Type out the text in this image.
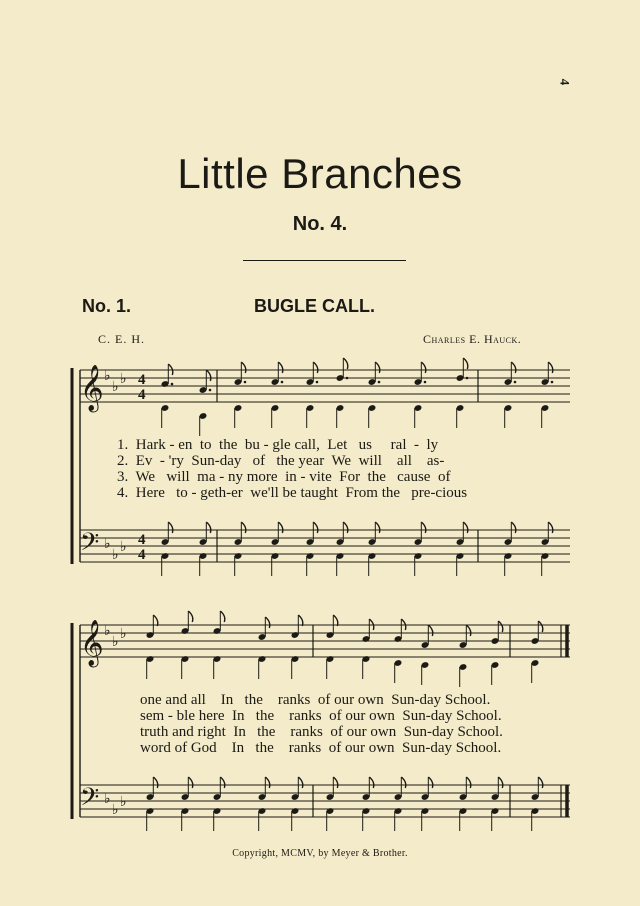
4
Little Branches
No. 4.
No. 1.	BUGLE CALL.
C. E. H.	Charles E. Hauck.
𝄞
𝄢
♭
♭ ♭
♭
♭ ♭
4
4
4
4
𝄞
𝄢
♭
♭ ♭
♭
♭ ♭
1.  Hark - en  to  the  bu - gle call,  Let   us     ral  -  ly
2.  Ev  - 'ry  Sun-day   of   the year  We  will    all    as-
3.  We   will  ma - ny more  in - vite  For  the   cause  of
4.  Here   to - geth-er  we'll be taught  From the   pre-cious
one and all    In   the    ranks  of our own  Sun-day School.
sem - ble here  In   the    ranks  of our own  Sun-day School.
truth and right  In   the    ranks  of our own  Sun-day School.
word of God    In   the    ranks  of our own  Sun-day School.
Copyright, MCMV, by Meyer & Brother.
